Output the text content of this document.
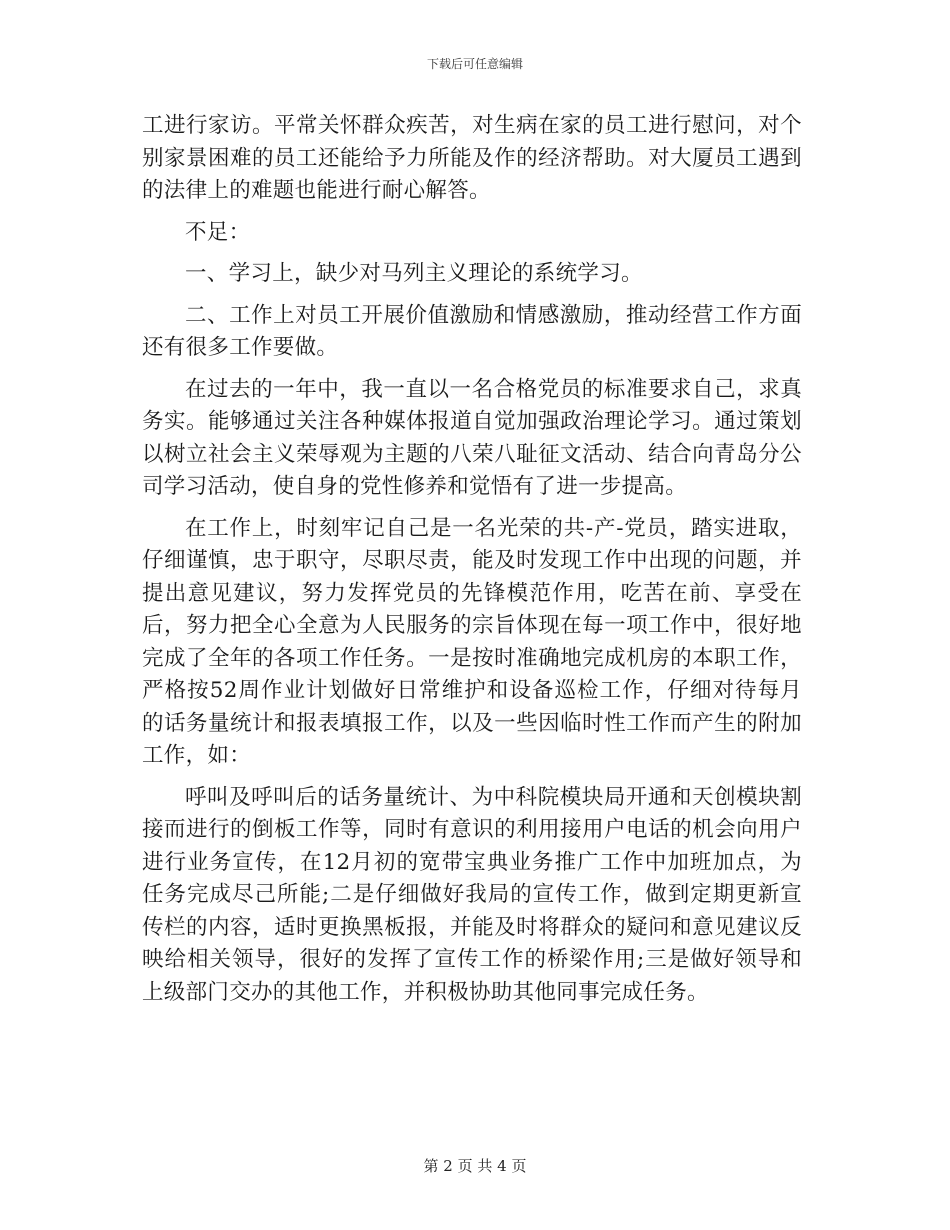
下载后可任意编辑

工进行家访。平常关怀群众疾苦，对生病在家的员工进行慰问，对个别家景困难的员工还能给予力所能及作的经济帮助。对大厦员工遇到的法律上的难题也能进行耐心解答。

不足：

一、学习上，缺少对马列主义理论的系统学习。

二、工作上对员工开展价值激励和情感激励，推动经营工作方面还有很多工作要做。

在过去的一年中，我一直以一名合格党员的标准要求自己，求真务实。能够通过关注各种媒体报道自觉加强政治理论学习。通过策划以树立社会主义荣辱观为主题的八荣八耻征文活动、结合向青岛分公司学习活动，使自身的党性修养和觉悟有了进一步提高。

在工作上，时刻牢记自己是一名光荣的共-产-党员，踏实进取，仔细谨慎，忠于职守，尽职尽责，能及时发现工作中出现的问题，并提出意见建议，努力发挥党员的先锋模范作用，吃苦在前、享受在后，努力把全心全意为人民服务的宗旨体现在每一项工作中，很好地完成了全年的各项工作任务。一是按时准确地完成机房的本职工作，严格按52周作业计划做好日常维护和设备巡检工作，仔细对待每月的话务量统计和报表填报工作，以及一些因临时性工作而产生的附加工作，如：

呼叫及呼叫后的话务量统计、为中科院模块局开通和天创模块割接而进行的倒板工作等，同时有意识的利用接用户电话的机会向用户进行业务宣传，在12月初的宽带宝典业务推广工作中加班加点，为任务完成尽己所能;二是仔细做好我局的宣传工作，做到定期更新宣传栏的内容，适时更换黑板报，并能及时将群众的疑问和意见建议反映给相关领导，很好的发挥了宣传工作的桥梁作用;三是做好领导和上级部门交办的其他工作，并积极协助其他同事完成任务。

第 2 页 共 4 页
